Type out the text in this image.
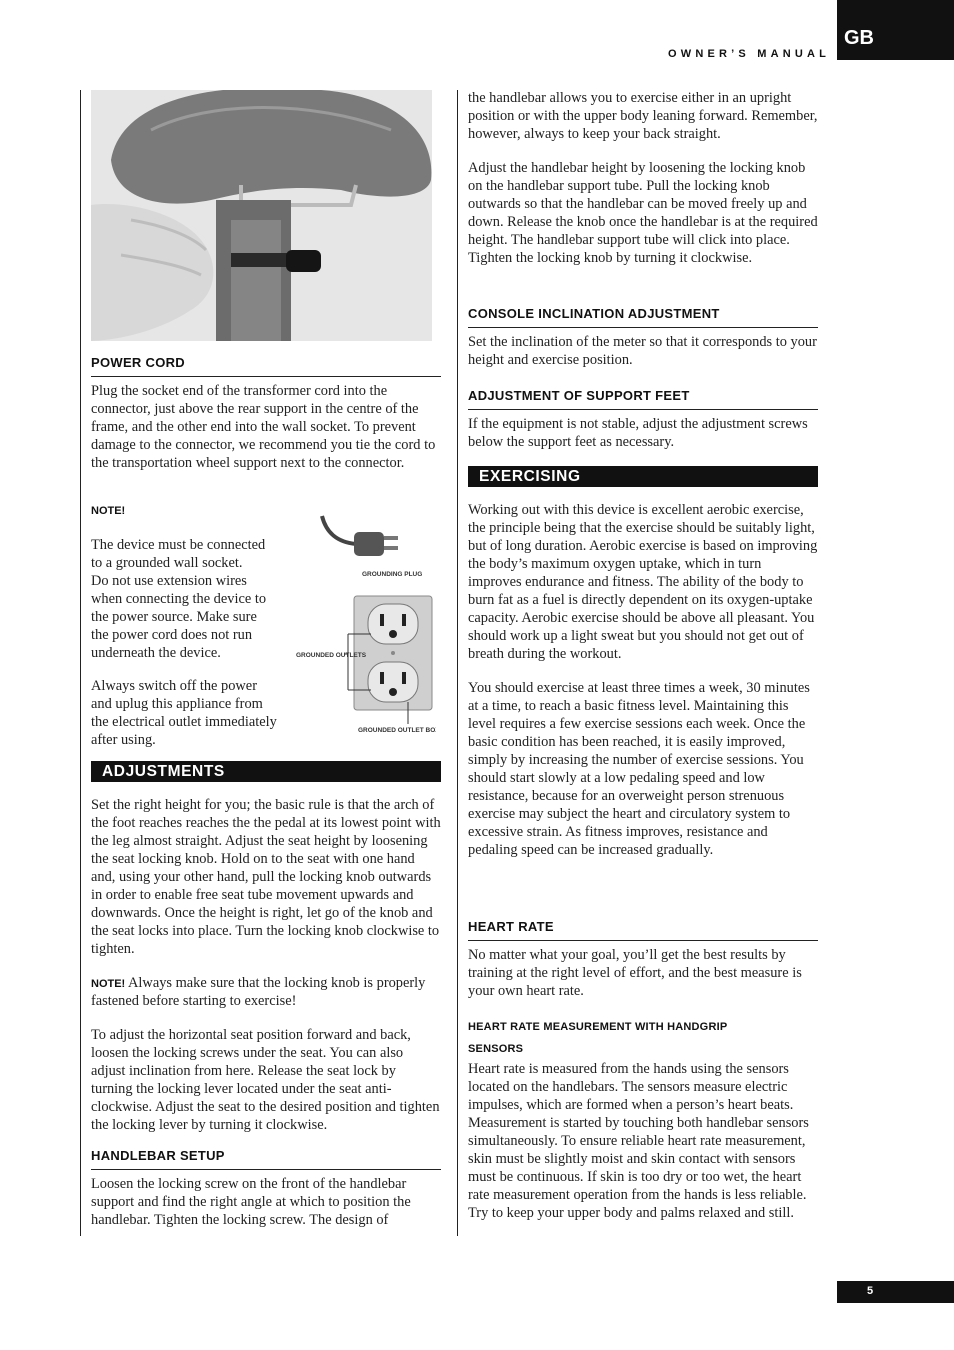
GB
OWNER’S MANUAL
POWER CORD

Plug the socket end of the transformer cord into the connector, just above the rear support in the centre of the frame, and the other end into the wall socket. To prevent damage to the connector, we recommend you tie the cord to the transportation wheel support next to the connector.

NOTE!

The device must be connected

to a grounded wall socket.

Do not use extension wires

when connecting the device to

the power source. Make sure

the power cord does not run

underneath the device.

Always switch off the power

and uplug this appliance from

the electrical outlet immediately

after using.

GROUNDING PLUG
GROUNDED OUTLETS
GROUNDED OUTLET BOX
ADJUSTMENTS

Set the right height for you; the basic rule is that the arch of the foot reaches reaches the the pedal at its lowest point with the leg almost straight. Adjust the seat height by loosening the seat locking knob. Hold on to the seat with one hand and, using your other hand, pull the locking knob outwards in order to enable free seat tube movement upwards and downwards. Once the height is right, let go of the knob and the seat locks into place. Turn the locking knob clockwise to tighten.

NOTE! Always make sure that the locking knob is properly fastened before starting to exercise!

To adjust the horizontal seat position forward and back, loosen the locking screws under the seat. You can also adjust inclination from here. Release the seat lock by turning the locking lever located under the seat anti-clockwise. Adjust the seat to the desired position and tighten the locking lever by turning it clockwise.

HANDLEBAR SETUP

Loosen the locking screw on the front of the handlebar support and find the right angle at which to position the handlebar. Tighten the locking screw. The design of

the handlebar allows you to exercise either in an upright position or with the upper body leaning forward. Remember, however, always to keep your back straight.

Adjust the handlebar height by loosening the locking knob on the handlebar support tube. Pull the locking knob outwards so that the handlebar can be moved freely up and down. Release the knob once the handlebar is at the required height. The handlebar support tube will click into place. Tighten the locking knob by turning it clockwise.

CONSOLE INCLINATION ADJUSTMENT

Set the inclination of the meter so that it corresponds to your height and exercise position.

ADJUSTMENT OF SUPPORT FEET

If the equipment is not stable, adjust the adjustment screws below the support feet as necessary.

EXERCISING

Working out with this device is excellent aerobic exercise, the principle being that the exercise should be suitably light, but of long duration. Aerobic exercise is based on improving the body’s maximum oxygen uptake, which in turn improves endurance and fitness. The ability of the body to burn fat as a fuel is directly dependent on its oxygen-uptake capacity. Aerobic exercise should be above all pleasant. You should work up a light sweat but you should not get out of breath during the workout.

You should exercise at least three times a week, 30 minutes at a time, to reach a basic fitness level. Maintaining this level requires a few exercise sessions each week. Once the basic condition has been reached, it is easily improved, simply by increasing the number of exercise sessions. You should start slowly at a low pedaling speed and low resistance, because for an overweight person strenuous exercise may subject the heart and circulatory system to excessive strain. As fitness improves, resistance and pedaling speed can be increased gradually.

HEART RATE

No matter what your goal, you’ll get the best results by training at the right level of effort, and the best measure is your own heart rate.

HEART RATE MEASUREMENT WITH HANDGRIP
SENSORS

Heart rate is measured from the hands using the sensors located on the handlebars. The sensors measure electric impulses, which are formed when a person’s heart beats. Measurement is started by touching both handlebar sensors simultaneously. To ensure reliable heart rate measurement, skin must be slightly moist and skin contact with sensors must be continuous. If skin is too dry or too wet, the heart rate measurement operation from the hands is less reliable. Try to keep your upper body and palms relaxed and still.

5
